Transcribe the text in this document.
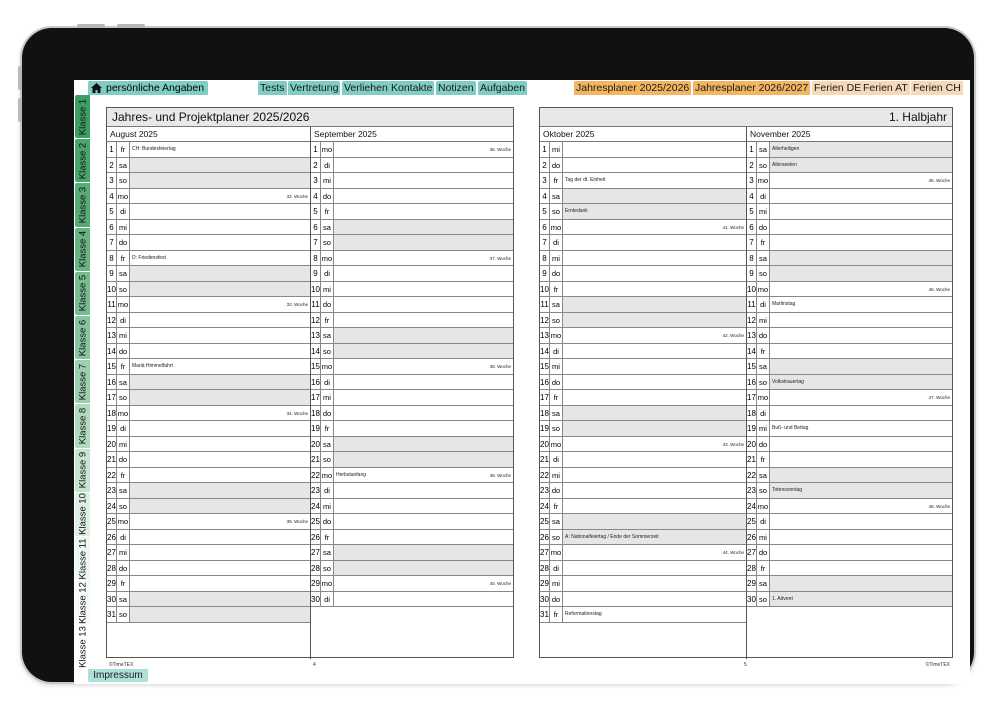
persönliche Angaben	Tests Vertretung Verliehen Kontakte Notizen Aufgaben	Jahresplaner 2025/2026 Jahresplaner 2026/2027 Ferien DE Ferien AT Ferien CH
Klasse 1
Klasse 2
Klasse 3
Klasse 4
Klasse 5
Klasse 6
Klasse 7
Klasse 8
Klasse 9
Klasse 10
Klasse 11
Klasse 12
Klasse 13
Jahres- und Projektplaner 2025/2026
August 2025
1 fr	CH: Bundesfeiertag
2 sa
3 so
4 mo	32. Woche
5 di
6 mi
7 do
8 fr	D: Friedensfest
9 sa
10 so
11 mo	33. Woche
12 di
13 mi
14 do
15 fr	Mariä Himmelfahrt
16 sa
17 so
18 mo	34. Woche
19 di
20 mi
21 do
22 fr
23 sa
24 so
25 mo	35. Woche
26 di
27 mi
28 do
29 fr
30 sa
31 so
September 2025
1 mo	36. Woche
2 di
3 mi
4 do
5 fr
6 sa
7 so
8 mo	37. Woche
9 di
10 mi
11 do
12 fr
13 sa
14 so
15 mo	38. Woche
16 di
17 mi
18 do
19 fr
20 sa
21 so
22 mo Herbstanfang	39. Woche
23 di
24 mi
25 do
26 fr
27 sa
28 so
29 mo	40. Woche
30 di
©TimeTEX	4
1. Halbjahr
Oktober 2025
1 mi
2 do
3 fr	Tag der dt. Einheit
4 sa
5 so	Erntedank
6 mo	41. Woche
7 di
8 mi
9 do
10 fr
11 sa
12 so
13 mo	42. Woche
14 di
15 mi
16 do
17 fr
18 sa
19 so
20 mo	43. Woche
21 di
22 mi
23 do
24 fr
25 sa
26 so	A: Nationalfeiertag / Ende der Sommerzeit
27 mo	44. Woche
28 di
29 mi
30 do
31 fr	Reformationstag
November 2025
1 sa	Allerheiligen
2 so	Allerseelen
3 mo	45. Woche
4 di
5 mi
6 do
7 fr
8 sa
9 so
10 mo	46. Woche
11 di	Martinstag
12 mi
13 do
14 fr
15 sa
16 so	Volkstrauertag
17 mo	47. Woche
18 di
19 mi	Buß- und Bettag
20 do
21 fr
22 sa
23 so	Totensonntag
24 mo	48. Woche
25 di
26 mi
27 do
28 fr
29 sa
30 so	1. Advent
©TimeTEX
5
Impressum
